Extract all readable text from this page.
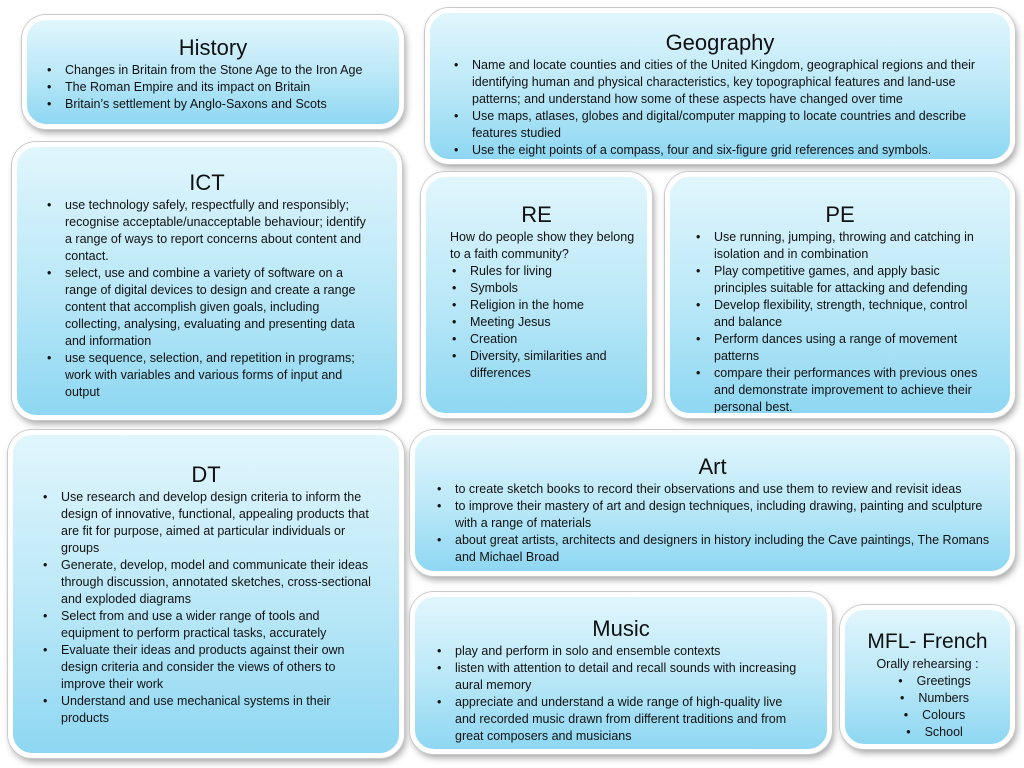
History
• Changes in Britain from the Stone Age to the Iron Age
• The Roman Empire and its impact on Britain
• Britain’s settlement by Anglo-Saxons and Scots
Geography
• Name and locate counties and cities of the United Kingdom, geographical regions and their identifying human and physical characteristics, key topographical features and land-use patterns; and understand how some of these aspects have changed over time
• Use maps, atlases, globes and digital/computer mapping to locate countries and describe features studied
• Use the eight points of a compass, four and six-figure grid references and symbols.
ICT
• use technology safely, respectfully and responsibly; recognise acceptable/unacceptable behaviour; identify a range of ways to report concerns about content and contact.
• select, use and combine a variety of software on a range of digital devices to design and create a range content that accomplish given goals, including collecting, analysing, evaluating and presenting data and information
• use sequence, selection, and repetition in programs; work with variables and various forms of input and output
RE

How do people show they belong to a faith community?

• Rules for living
• Symbols
• Religion in the home
• Meeting Jesus
• Creation
• Diversity, similarities and differences
PE
• Use running, jumping, throwing and catching in isolation and in combination
• Play competitive games, and apply basic principles suitable for attacking and defending
• Develop flexibility, strength, technique, control and balance
• Perform dances using a range of movement patterns
• compare their performances with previous ones and demonstrate improvement to achieve their personal best.
DT
• Use research and develop design criteria to inform the design of innovative, functional, appealing products that are fit for purpose, aimed at particular individuals or groups
• Generate, develop, model and communicate their ideas through discussion, annotated sketches, cross-sectional and exploded diagrams
• Select from and use a wider range of tools and equipment to perform practical tasks, accurately
• Evaluate their ideas and products against their own design criteria and consider the views of others to improve their work
• Understand and use mechanical systems in their products
Art
• to create sketch books to record their observations and use them to review and revisit ideas
• to improve their mastery of art and design techniques, including drawing, painting and sculpture with a range of materials
• about great artists, architects and designers in history including the Cave paintings, The Romans and Michael Broad
Music
• play and perform in solo and ensemble contexts
• listen with attention to detail and recall sounds with increasing aural memory
• appreciate and understand a wide range of high-quality live and recorded music drawn from different traditions and from great composers and musicians
MFL- French

Orally rehearsing :

• Greetings
• Numbers
• Colours
• School
